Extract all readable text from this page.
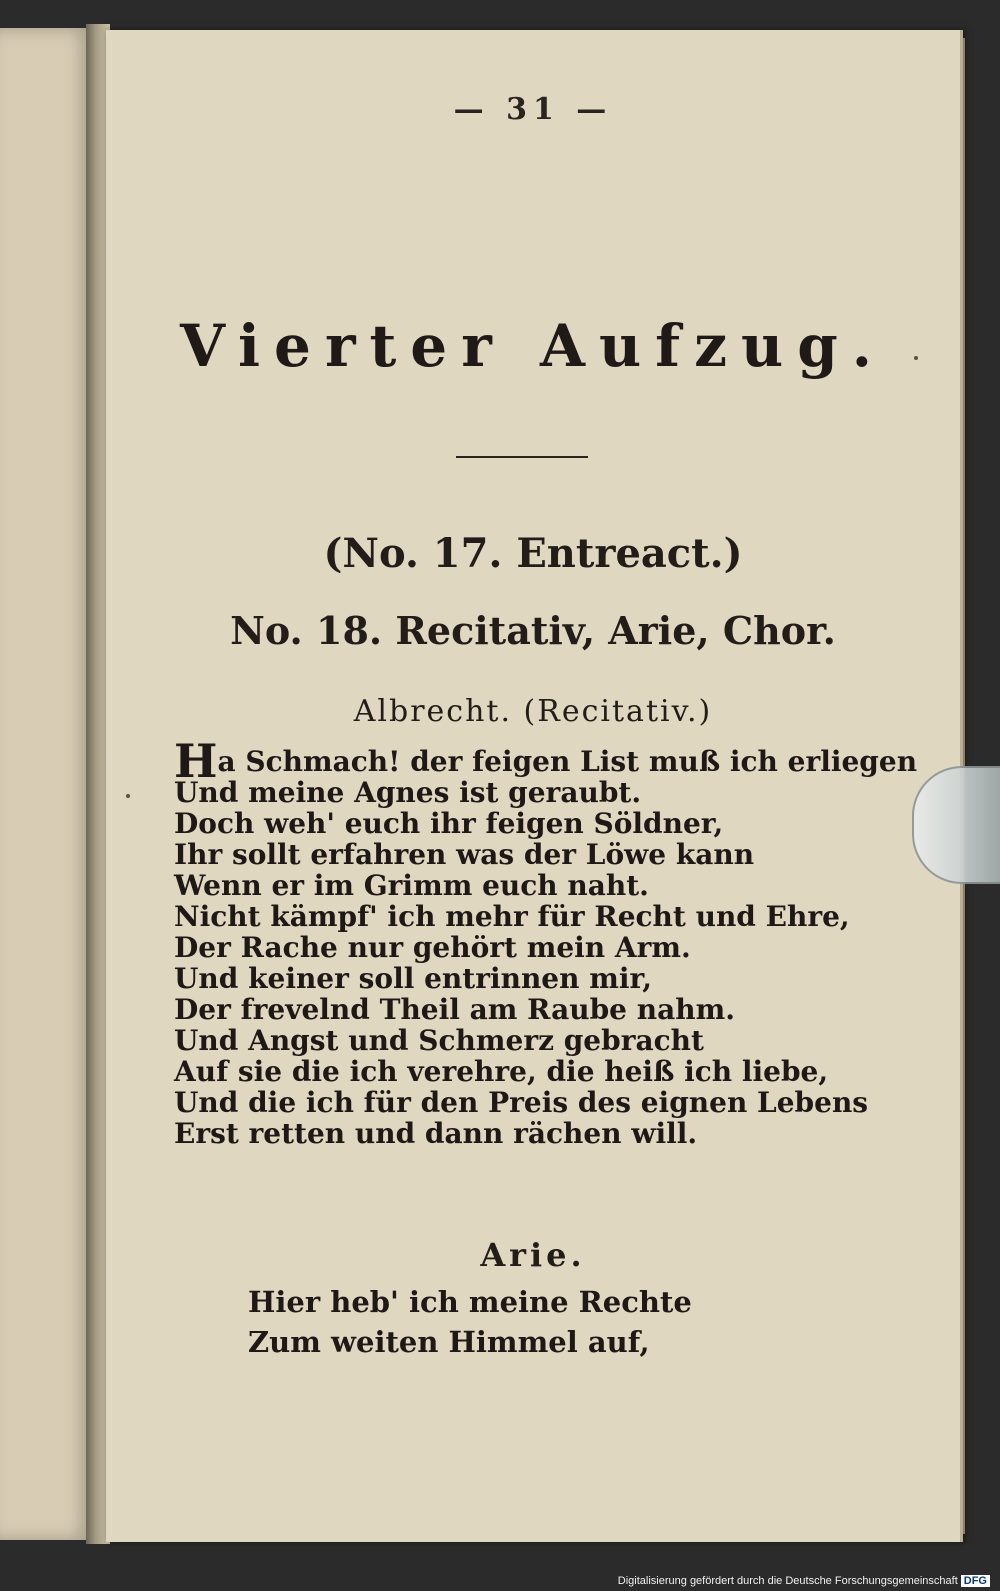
— 31 —
Vierter Aufzug.
(No. 17. Entreact.)
No. 18. Recitativ, Arie, Chor.
Albrecht. (Recitativ.)
Ha Schmach! der feigen List muß ich erliegen
Und meine Agnes ist geraubt.
Doch weh' euch ihr feigen Söldner,
Ihr sollt erfahren was der Löwe kann
Wenn er im Grimm euch naht.
Nicht kämpf' ich mehr für Recht und Ehre,
Der Rache nur gehört mein Arm.
Und keiner soll entrinnen mir,
Der frevelnd Theil am Raube nahm.
Und Angst und Schmerz gebracht
Auf sie die ich verehre, die heiß ich liebe,
Und die ich für den Preis des eignen Lebens
Erst retten und dann rächen will.
Arie.
Hier heb' ich meine Rechte
Zum weiten Himmel auf,
Digitalisierung gefördert durch die Deutsche Forschungsgemeinschaft DFG
